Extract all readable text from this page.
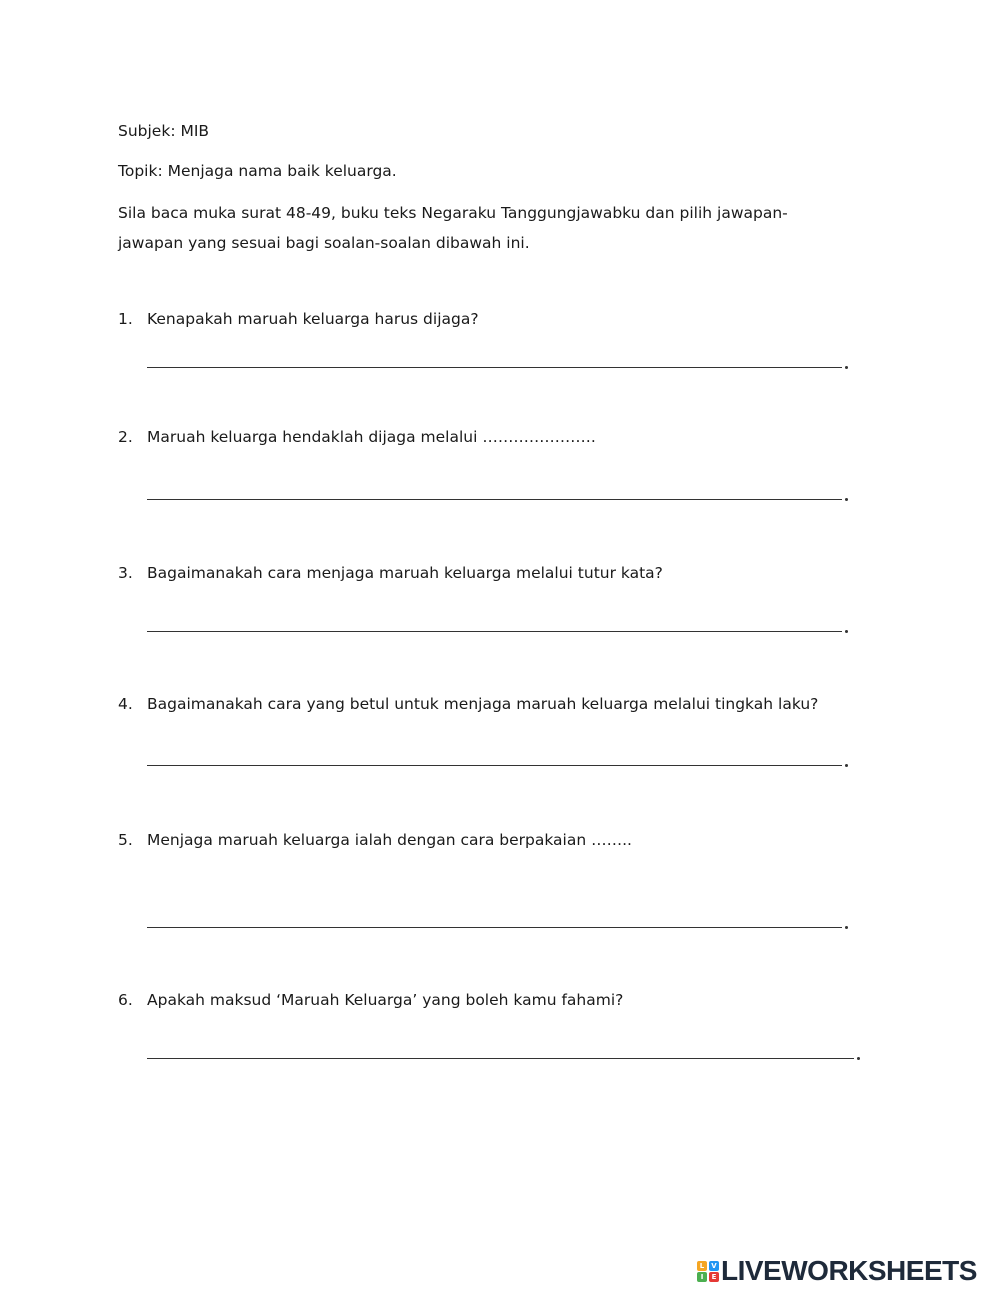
Subjek: MIB
Topik: Menjaga nama baik keluarga.
Sila baca muka surat 48-49, buku teks Negaraku Tanggungjawabku dan pilih jawapan-jawapan yang sesuai bagi soalan-soalan dibawah ini.
1. Kenapakah maruah keluarga harus dijaga?
2. Maruah keluarga hendaklah dijaga melalui ………………….
3. Bagaimanakah cara menjaga maruah keluarga melalui tutur kata?
4. Bagaimanakah cara yang betul untuk menjaga maruah keluarga melalui tingkah laku?
5. Menjaga maruah keluarga ialah dengan cara berpakaian ……..
6. Apakah maksud ‘Maruah Keluarga’ yang boleh kamu fahami?
L
I
V
E LIVEWORKSHEETS
